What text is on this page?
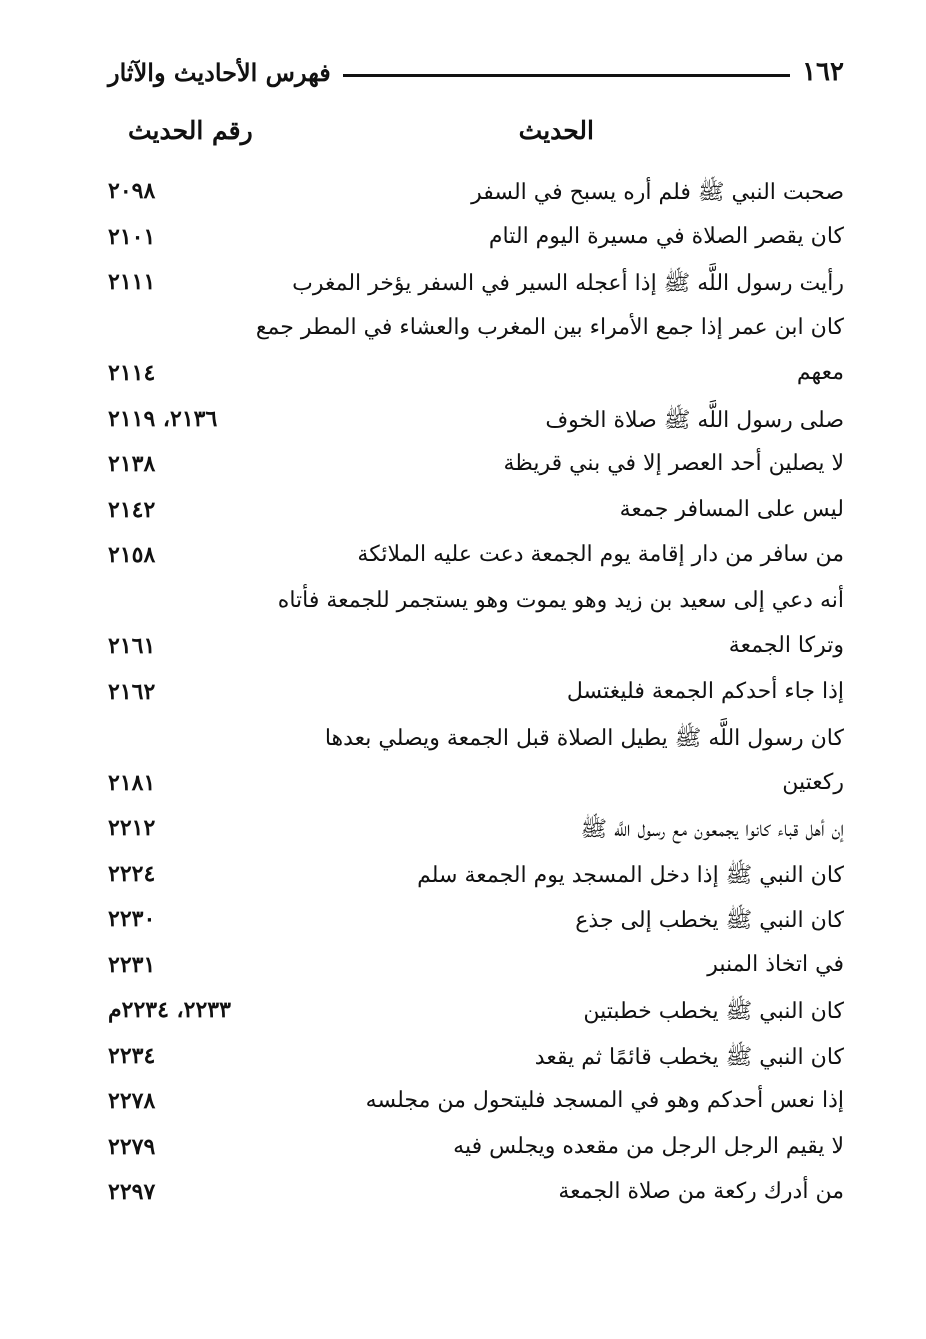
١٦٢
فهرس الأحاديث والآثار
الحديث
رقم الحديث
صحبت النبي ﷺ فلم أره يسبح في السفر
٢٠٩٨
كان يقصر الصلاة في مسيرة اليوم التام
٢١٠١
رأيت رسول اللَّه ﷺ إذا أعجله السير في السفر يؤخر المغرب
٢١١١
كان ابن عمر إذا جمع الأمراء بين المغرب والعشاء في المطر جمع
معهم
٢١١٤
صلى رسول اللَّه ﷺ صلاة الخوف
٢١٣٦، ٢١١٩
لا يصلين أحد العصر إلا في بني قريظة
٢١٣٨
ليس على المسافر جمعة
٢١٤٢
من سافر من دار إقامة يوم الجمعة دعت عليه الملائكة
٢١٥٨
أنه دعي إلى سعيد بن زيد وهو يموت وهو يستجمر للجمعة فأتاه
وتركا الجمعة
٢١٦١
إذا جاء أحدكم الجمعة فليغتسل
٢١٦٢
كان رسول اللَّه ﷺ يطيل الصلاة قبل الجمعة ويصلي بعدها
ركعتين
٢١٨١
إن أهل قباء كانوا يجمعون مع رسول اللَّه ﷺ
٢٢١٢
كان النبي ﷺ إذا دخل المسجد يوم الجمعة سلم
٢٢٢٤
كان النبي ﷺ يخطب إلى جذع
٢٢٣٠
في اتخاذ المنبر
٢٢٣١
كان النبي ﷺ يخطب خطبتين
٢٢٣٣، ٢٢٣٤م
كان النبي ﷺ يخطب قائمًا ثم يقعد
٢٢٣٤
إذا نعس أحدكم وهو في المسجد فليتحول من مجلسه
٢٢٧٨
لا يقيم الرجل الرجل من مقعده ويجلس فيه
٢٢٧٩
من أدرك ركعة من صلاة الجمعة
٢٢٩٧
